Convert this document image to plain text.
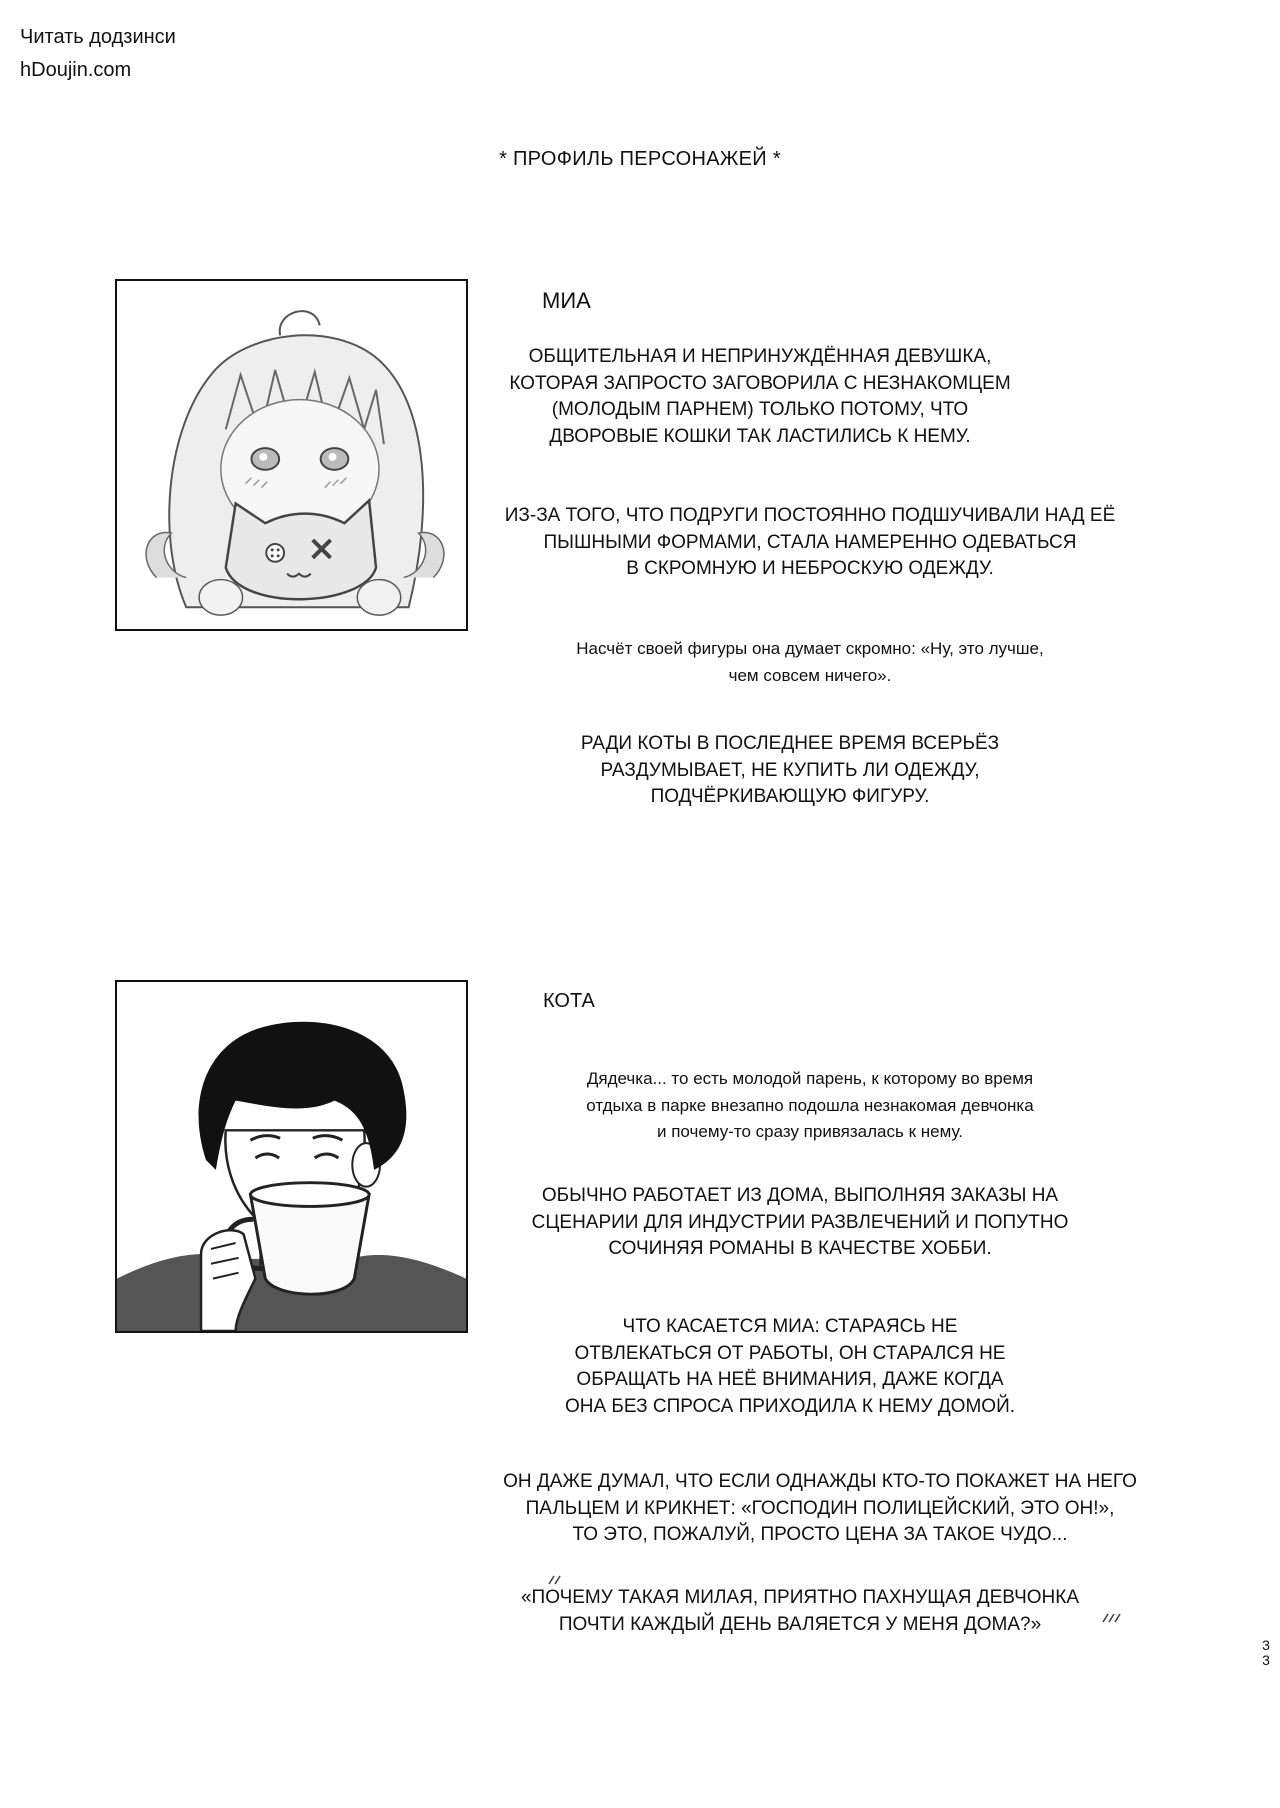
Читать додзинси
hDoujin.com
* ПРОФИЛЬ ПЕРСОНАЖЕЙ *
МИА
ОБЩИТЕЛЬНАЯ И НЕПРИНУЖДЁННАЯ ДЕВУШКА,
КОТОРАЯ ЗАПРОСТО ЗАГОВОРИЛА С НЕЗНАКОМЦЕМ
(МОЛОДЫМ ПАРНЕМ) ТОЛЬКО ПОТОМУ, ЧТО
ДВОРОВЫЕ КОШКИ ТАК ЛАСТИЛИСЬ К НЕМУ.
ИЗ-ЗА ТОГО, ЧТО ПОДРУГИ ПОСТОЯННО ПОДШУЧИВАЛИ НАД ЕЁ
ПЫШНЫМИ ФОРМАМИ, СТАЛА НАМЕРЕННО ОДЕВАТЬСЯ
В СКРОМНУЮ И НЕБРОСКУЮ ОДЕЖДУ.
Насчёт своей фигуры она думает скромно: «Ну, это лучше,
чем совсем ничего».
РАДИ КОТЫ В ПОСЛЕДНЕЕ ВРЕМЯ ВСЕРЬЁЗ
РАЗДУМЫВАЕТ, НЕ КУПИТЬ ЛИ ОДЕЖДУ,
ПОДЧЁРКИВАЮЩУЮ ФИГУРУ.
КОТА
Дядечка... то есть молодой парень, к которому во время
отдыха в парке внезапно подошла незнакомая девчонка
и почему-то сразу привязалась к нему.
ОБЫЧНО РАБОТАЕТ ИЗ ДОМА, ВЫПОЛНЯЯ ЗАКАЗЫ НА
СЦЕНАРИИ ДЛЯ ИНДУСТРИИ РАЗВЛЕЧЕНИЙ И ПОПУТНО
СОЧИНЯЯ РОМАНЫ В КАЧЕСТВЕ ХОББИ.
ЧТО КАСАЕТСЯ МИА: СТАРАЯСЬ НЕ
ОТВЛЕКАТЬСЯ ОТ РАБОТЫ, ОН СТАРАЛСЯ НЕ
ОБРАЩАТЬ НА НЕЁ ВНИМАНИЯ, ДАЖЕ КОГДА
ОНА БЕЗ СПРОСА ПРИХОДИЛА К НЕМУ ДОМОЙ.
ОН ДАЖЕ ДУМАЛ, ЧТО ЕСЛИ ОДНАЖДЫ КТО-ТО ПОКАЖЕТ НА НЕГО
ПАЛЬЦЕМ И КРИКНЕТ: «ГОСПОДИН ПОЛИЦЕЙСКИЙ, ЭТО ОН!»,
ТО ЭТО, ПОЖАЛУЙ, ПРОСТО ЦЕНА ЗА ТАКОЕ ЧУДО...
«ПОЧЕМУ ТАКАЯ МИЛАЯ, ПРИЯТНО ПАХНУЩАЯ ДЕВЧОНКА
ПОЧТИ КАЖДЫЙ ДЕНЬ ВАЛЯЕТСЯ У МЕНЯ ДОМА?»
3
3
